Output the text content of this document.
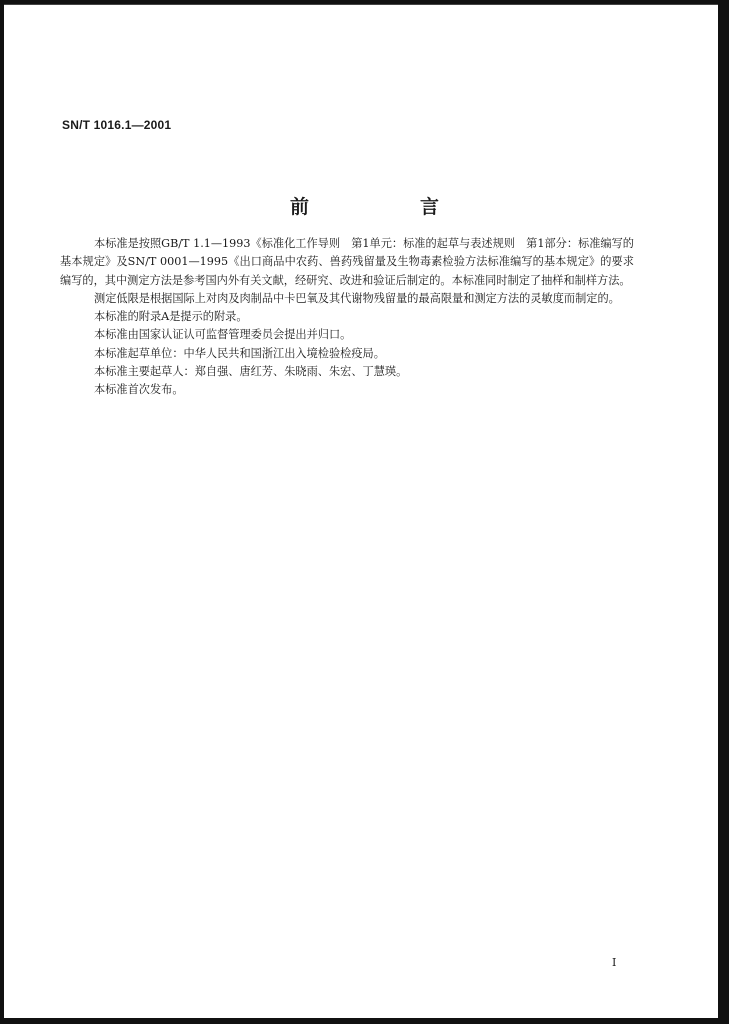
SN/T 1016.1—2001
前　言

本标准是按照GB/T 1.1—1993《标准化工作导则　第1单元：标准的起草与表述规则　第1部分：标准编写的基本规定》及SN/T 0001—1995《出口商品中农药、兽药残留量及生物毒素检验方法标准编写的基本规定》的要求编写的，其中测定方法是参考国内外有关文献，经研究、改进和验证后制定的。本标准同时制定了抽样和制样方法。

测定低限是根据国际上对肉及肉制品中卡巴氧及其代谢物残留量的最高限量和测定方法的灵敏度而制定的。

本标准的附录A是提示的附录。

本标准由国家认证认可监督管理委员会提出并归口。

本标准起草单位：中华人民共和国浙江出入境检验检疫局。

本标准主要起草人：郑自强、唐红芳、朱晓雨、朱宏、丁慧瑛。

本标准首次发布。

I
